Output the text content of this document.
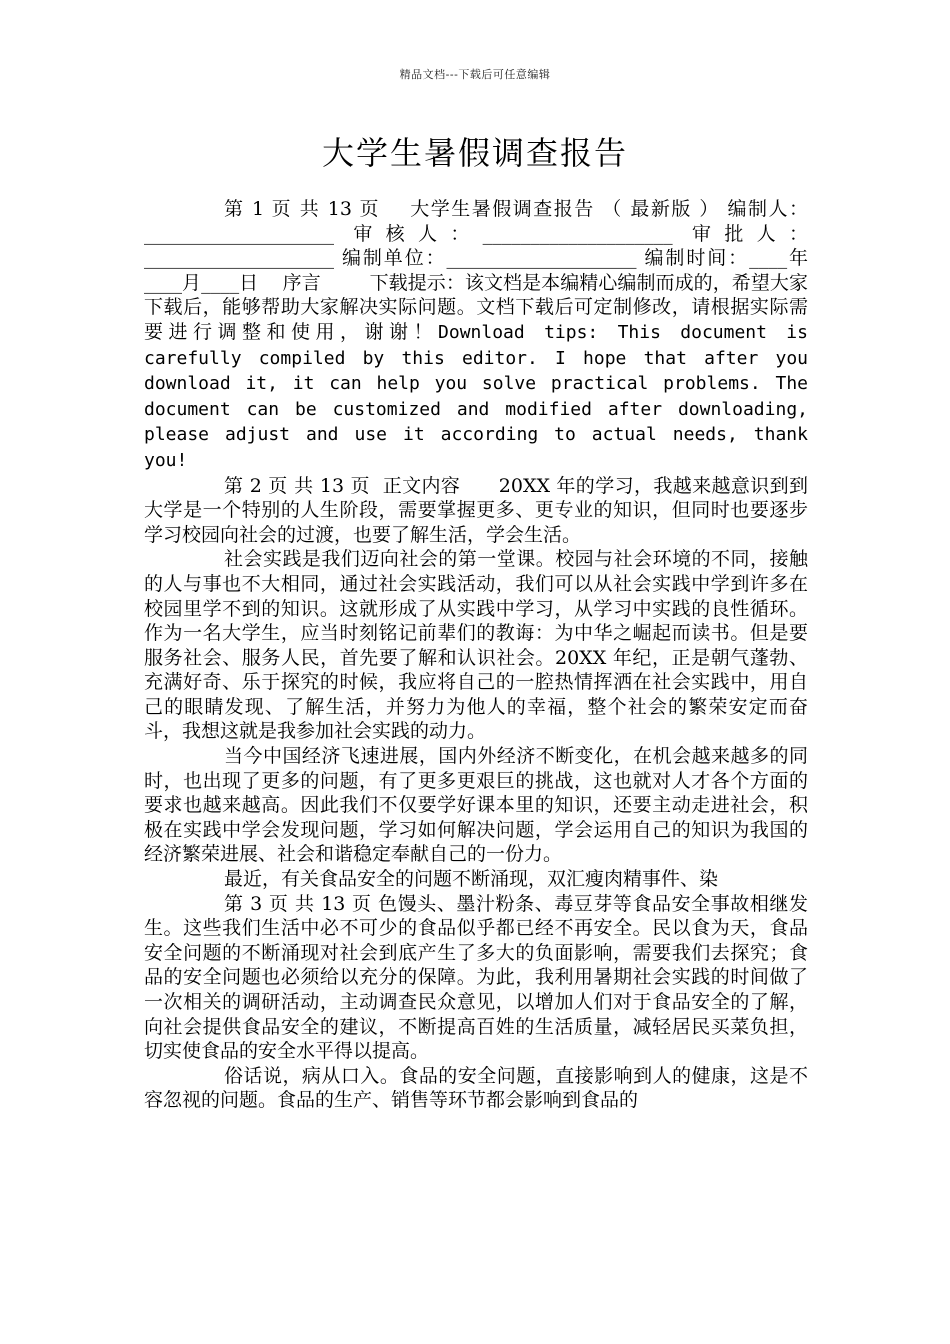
精品文档---下载后可任意编辑
大学生暑假调查报告

第 1 页 共 13 页 大学生暑假调查报告 （ 最新版 ） 编制人：____________________ 审核人：____________________ 审批人：____________________ 编制单位：____________________ 编制时间：____年____月____日 序言	下载提示：该文档是本编精心编制而成的，希望大家下载后，能够帮助大家解决实际问题。文档下载后可定制修改，请根据实际需要进行调整和使用，谢谢！Download tips: This document is carefully compiled by this editor. I hope that after you download it, it can help you solve practical problems. The document can be customized and modified after downloading, please adjust and use it according to actual needs, thank you!

第 2 页 共 13 页 正文内容 20XX 年的学习，我越来越意识到到大学是一个特别的人生阶段，需要掌握更多、更专业的知识，但同时也要逐步学习校园向社会的过渡，也要了解生活，学会生活。

社会实践是我们迈向社会的第一堂课。校园与社会环境的不同，接触的人与事也不大相同，通过社会实践活动，我们可以从社会实践中学到许多在校园里学不到的知识。这就形成了从实践中学习，从学习中实践的良性循环。作为一名大学生，应当时刻铭记前辈们的教诲：为中华之崛起而读书。但是要服务社会、服务人民，首先要了解和认识社会。20XX 年纪，正是朝气蓬勃、充满好奇、乐于探究的时候，我应将自己的一腔热情挥洒在社会实践中，用自己的眼睛发现、了解生活，并努力为他人的幸福，整个社会的繁荣安定而奋斗，我想这就是我参加社会实践的动力。

当今中国经济飞速进展，国内外经济不断变化，在机会越来越多的同时，也出现了更多的问题，有了更多更艰巨的挑战，这也就对人才各个方面的要求也越来越高。因此我们不仅要学好课本里的知识，还要主动走进社会，积极在实践中学会发现问题，学习如何解决问题，学会运用自己的知识为我国的经济繁荣进展、社会和谐稳定奉献自己的一份力。

最近，有关食品安全的问题不断涌现，双汇瘦肉精事件、染

第 3 页 共 13 页 色馒头、墨汁粉条、毒豆芽等食品安全事故相继发生。这些我们生活中必不可少的食品似乎都已经不再安全。民以食为天，食品安全问题的不断涌现对社会到底产生了多大的负面影响，需要我们去探究；食品的安全问题也必须给以充分的保障。为此，我利用暑期社会实践的时间做了一次相关的调研活动，主动调查民众意见，以增加人们对于食品安全的了解，向社会提供食品安全的建议，不断提高百姓的生活质量，减轻居民买菜负担，切实使食品的安全水平得以提高。

俗话说，病从口入。食品的安全问题，直接影响到人的健康，这是不容忽视的问题。食品的生产、销售等环节都会影响到食品的
